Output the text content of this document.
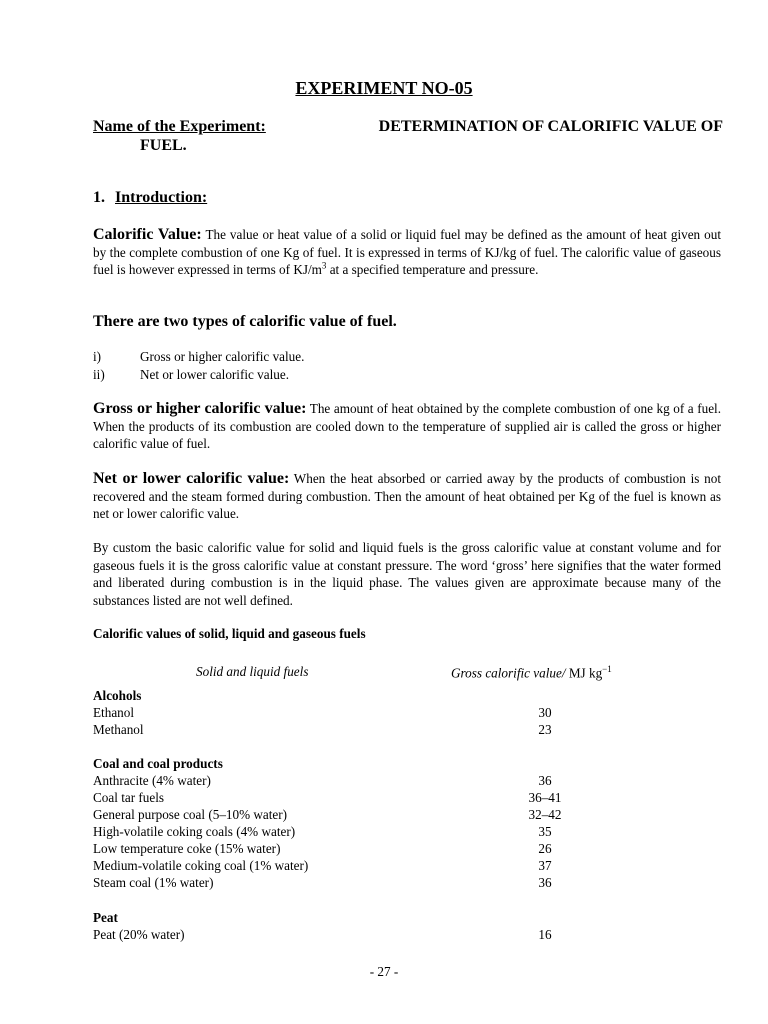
EXPERIMENT NO-05
Name of the Experiment:	DETERMINATION OF CALORIFIC VALUE OF
FUEL.
1. Introduction:
Calorific Value: The value or heat value of a solid or liquid fuel may be defined as the amount of heat given out by the complete combustion of one Kg of fuel. It is expressed in terms of KJ/kg of fuel. The calorific value of gaseous fuel is however expressed in terms of $KJ/m^3$ at a specified temperature and pressure.
There are two types of calorific value of fuel.
i)	Gross or higher calorific value.
ii)	Net or lower calorific value.
Gross or higher calorific value: The amount of heat obtained by the complete combustion of one kg of a fuel. When the products of its combustion are cooled down to the temperature of supplied air is called the gross or higher calorific value of fuel.
Net or lower calorific value: When the heat absorbed or carried away by the products of combustion is not recovered and the steam formed during combustion. Then the amount of heat obtained per Kg of the fuel is known as net or lower calorific value.
By custom the basic calorific value for solid and liquid fuels is the gross calorific value at constant volume and for gaseous fuels it is the gross calorific value at constant pressure. The word ‘gross’ here signifies that the water formed and liberated during combustion is in the liquid phase. The values given are approximate because many of the substances listed are not well defined.
Calorific values of solid, liquid and gaseous fuels
Solid and liquid fuels	Gross calorific value/ MJ $kg^{-1}$
Alcohols
Ethanol	30
Methanol	23
Coal and coal products
Anthracite (4% water)	36
Coal tar fuels	36–41
General purpose coal (5–10% water)	32–42
High-volatile coking coals (4% water)	35
Low temperature coke (15% water)	26
Medium-volatile coking coal (1% water)	37
Steam coal (1% water)	36
Peat
Peat (20% water)	16
- 27 -
